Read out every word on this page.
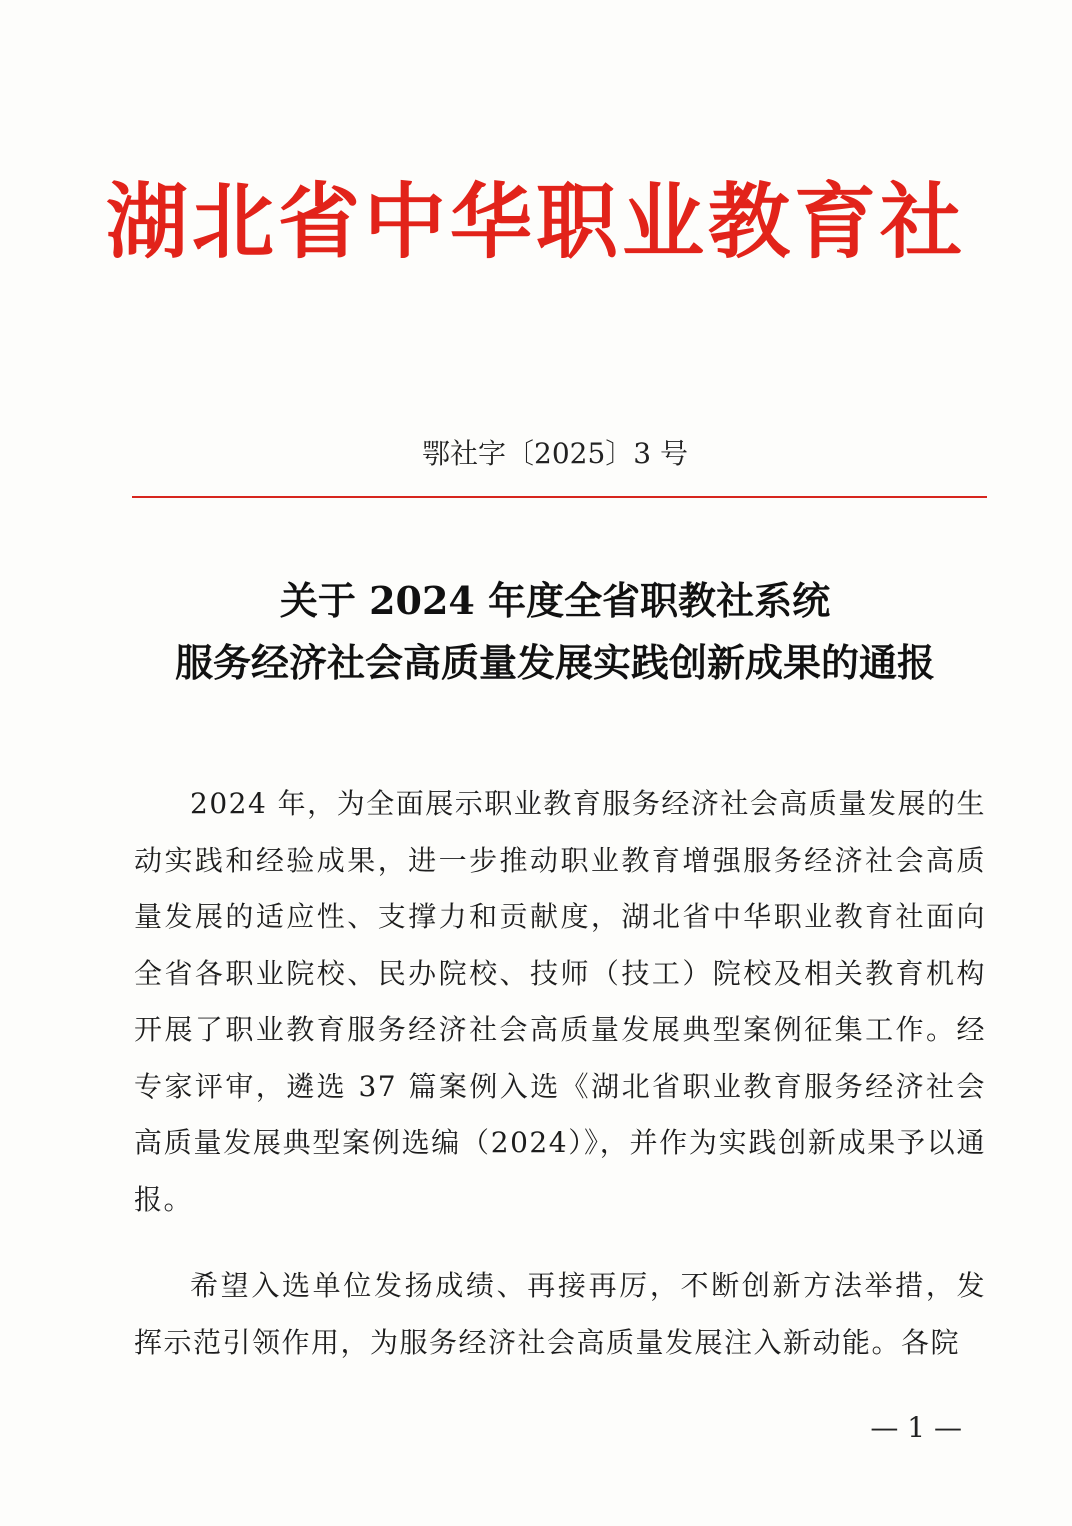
湖北省中华职业教育社
鄂社字〔2025〕3 号
关于 2024 年度全省职教社系统
服务经济社会高质量发展实践创新成果的通报
2024 年，为全面展示职业教育服务经济社会高质量发展的生动实践和经验成果，进一步推动职业教育增强服务经济社会高质量发展的适应性、支撑力和贡献度，湖北省中华职业教育社面向全省各职业院校、民办院校、技师（技工）院校及相关教育机构开展了职业教育服务经济社会高质量发展典型案例征集工作。经专家评审，遴选 37 篇案例入选《湖北省职业教育服务经济社会高质量发展典型案例选编（2024）》，并作为实践创新成果予以通报。
希望入选单位发扬成绩、再接再厉，不断创新方法举措，发挥示范引领作用，为服务经济社会高质量发展注入新动能。各院
— 1 —
